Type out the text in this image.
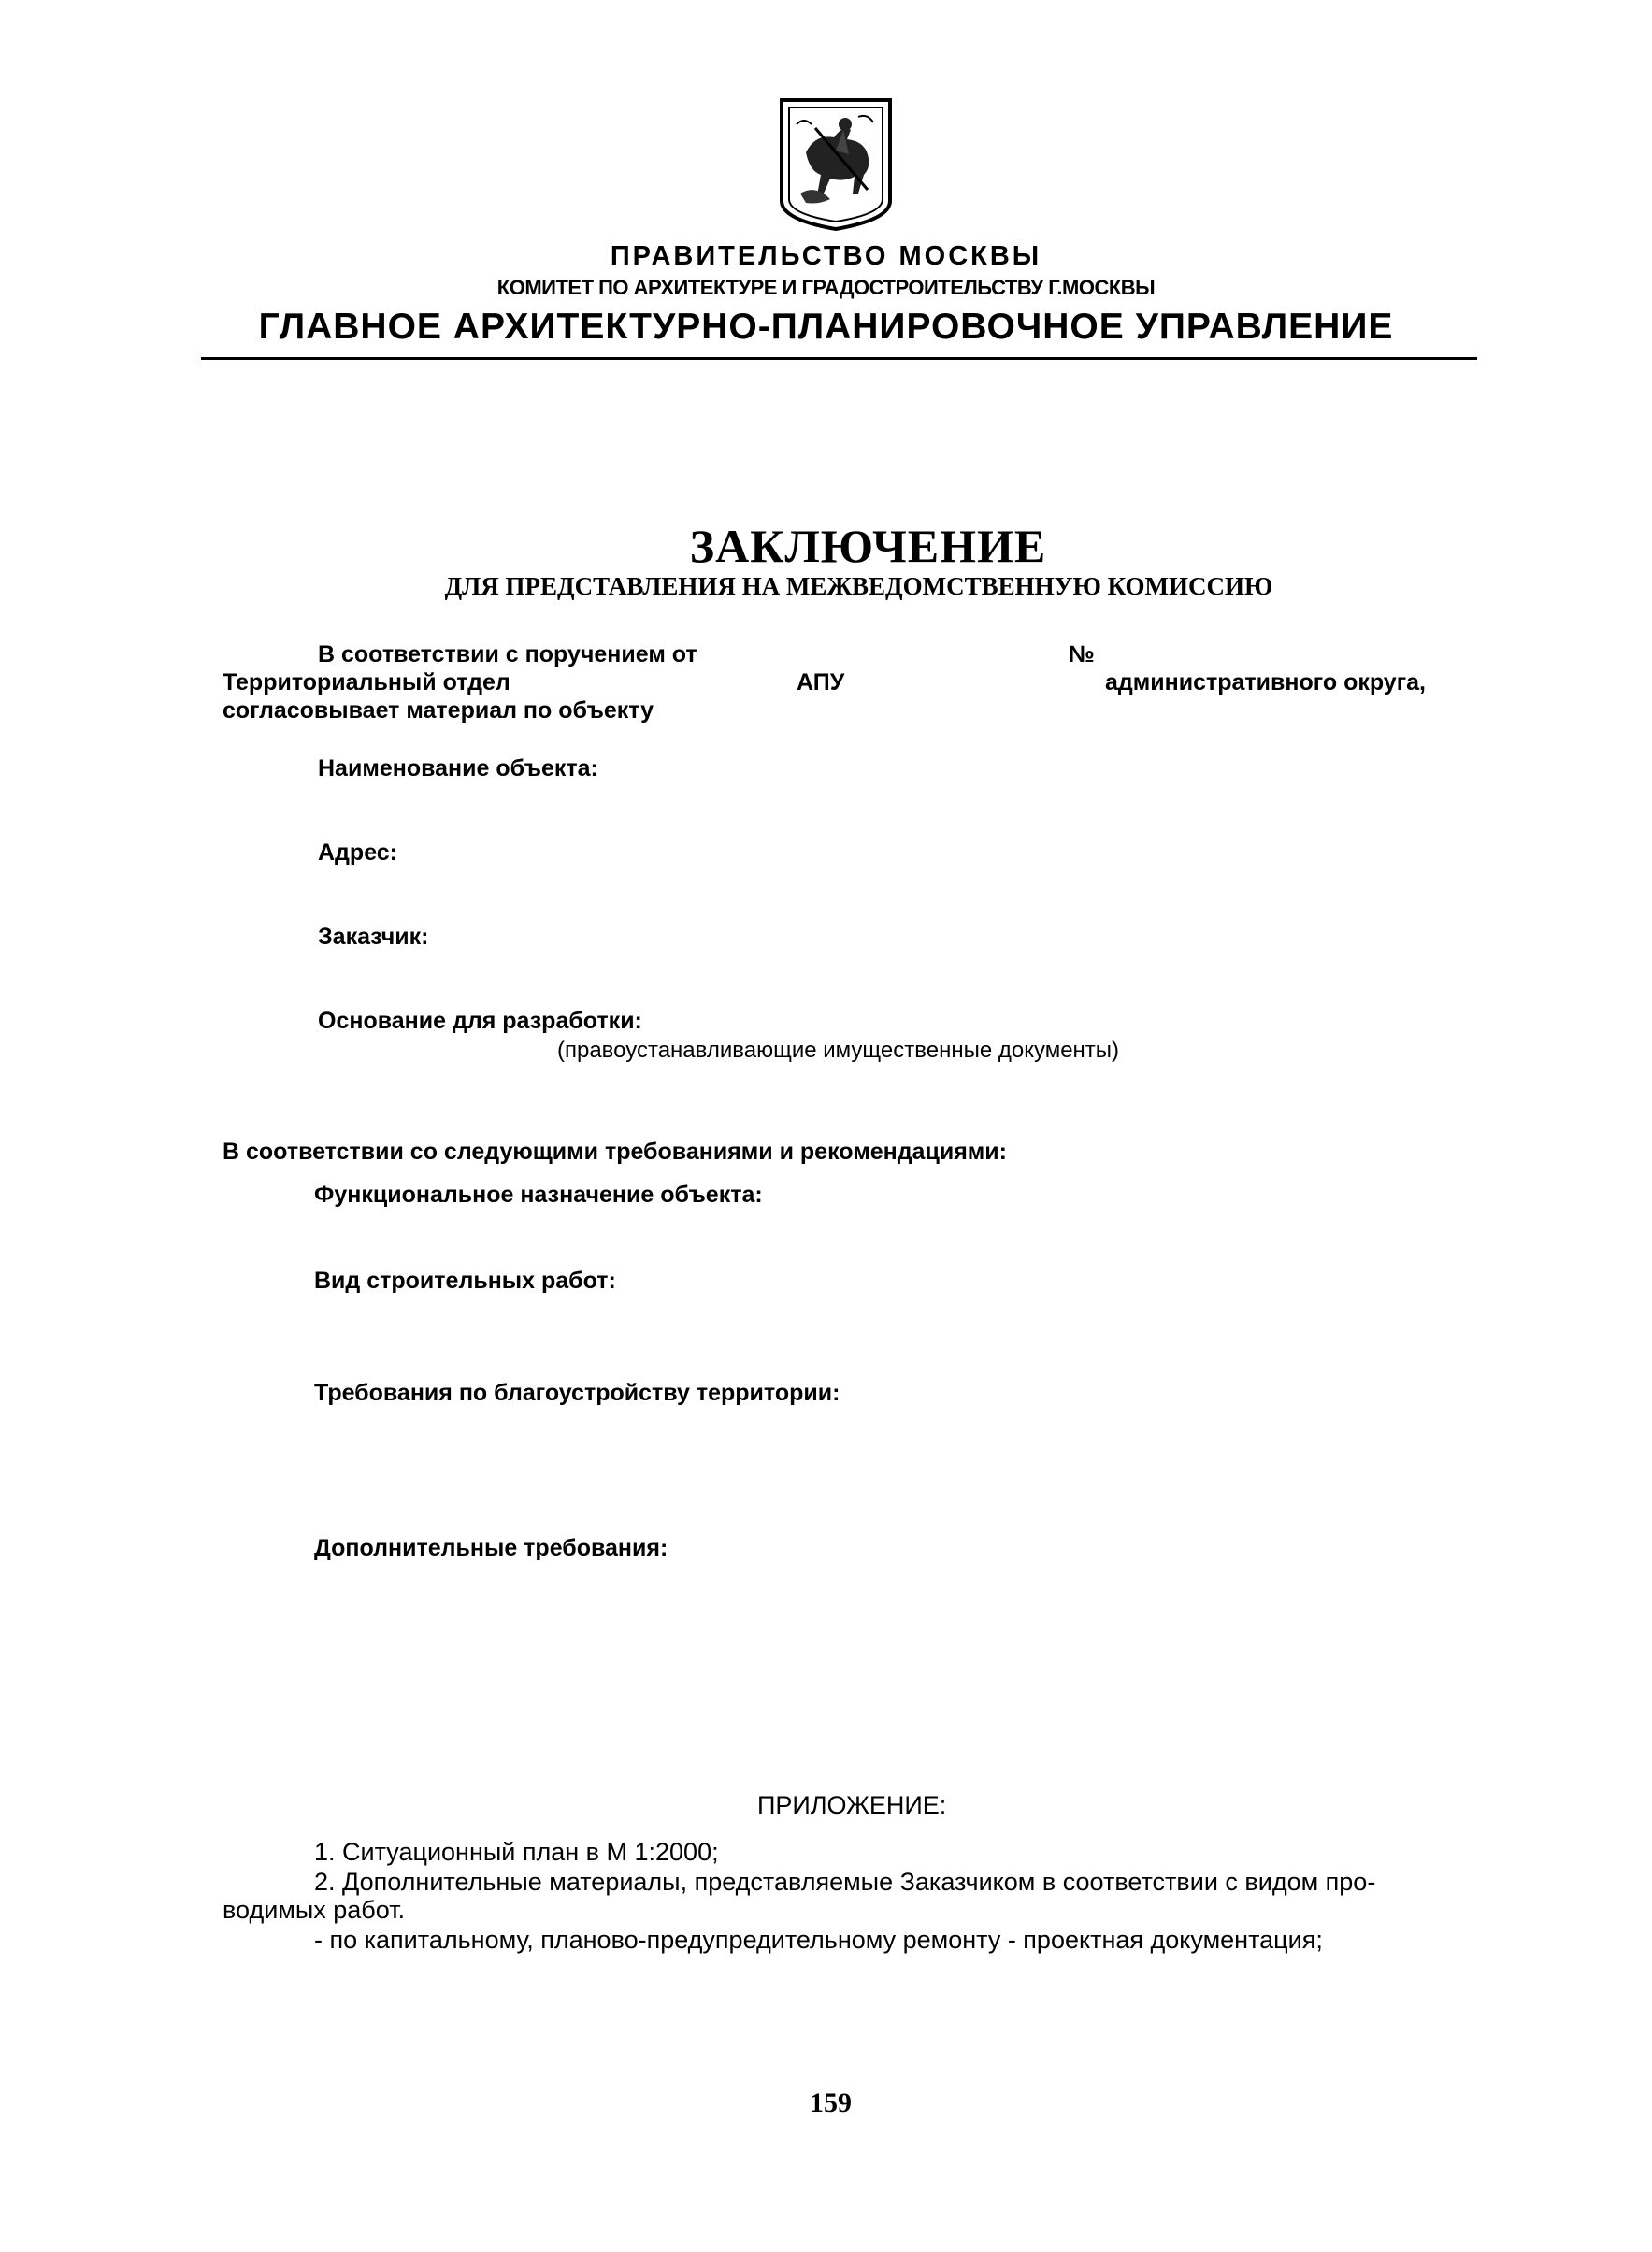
ПРАВИТЕЛЬСТВО МОСКВЫ
КОМИТЕТ ПО АРХИТЕКТУРЕ И ГРАДОСТРОИТЕЛЬСТВУ Г.МОСКВЫ
ГЛАВНОЕ АРХИТЕКТУРНО-ПЛАНИРОВОЧНОЕ УПРАВЛЕНИЕ
ЗАКЛЮЧЕНИЕ
ДЛЯ ПРЕДСТАВЛЕНИЯ НА МЕЖВЕДОМСТВЕННУЮ КОМИССИЮ
В соответствии с поручением от	№
Территориальный отдел	АПУ	административного округа,
согласовывает материал по объекту
Наименование объекта:
Адрес:
Заказчик:
Основание для разработки:
(правоустанавливающие имущественные документы)
В соответствии со следующими требованиями и рекомендациями:
Функциональное назначение объекта:
Вид строительных работ:
Требования по благоустройству территории:
Дополнительные требования:
ПРИЛОЖЕНИЕ:
1. Ситуационный план в М 1:2000;
2. Дополнительные материалы, представляемые Заказчиком в соответствии с видом про-
водимых работ.
- по капитальному, планово-предупредительному ремонту - проектная документация;
159
